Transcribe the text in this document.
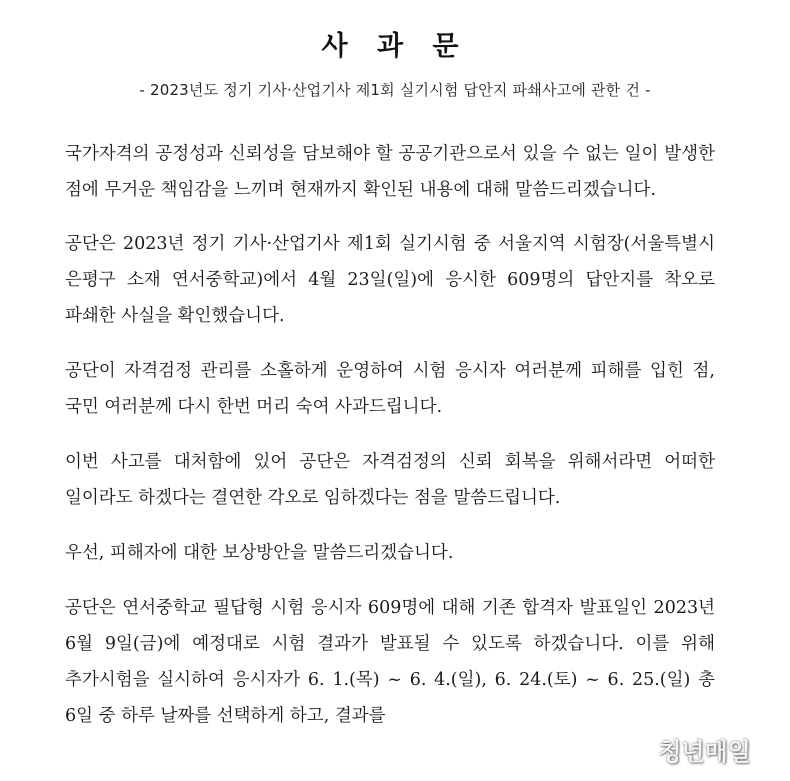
사 과 문
- 2023년도 정기 기사·산업기사 제1회 실기시험 답안지 파쇄사고에 관한 건 -

국가자격의 공정성과 신뢰성을 담보해야 할 공공기관으로서 있을 수 없는 일이 발생한 점에 무거운 책임감을 느끼며 현재까지 확인된 내용에 대해 말씀드리겠습니다.

공단은 2023년 정기 기사·산업기사 제1회 실기시험 중 서울지역 시험장(서울특별시 은평구 소재 연서중학교)에서 4월 23일(일)에 응시한 609명의 답안지를 착오로 파쇄한 사실을 확인했습니다.

공단이 자격검정 관리를 소홀하게 운영하여 시험 응시자 여러분께 피해를 입힌 점, 국민 여러분께 다시 한번 머리 숙여 사과드립니다.

이번 사고를 대처함에 있어 공단은 자격검정의 신뢰 회복을 위해서라면 어떠한 일이라도 하겠다는 결연한 각오로 임하겠다는 점을 말씀드립니다.

우선, 피해자에 대한 보상방안을 말씀드리겠습니다.

공단은 연서중학교 필답형 시험 응시자 609명에 대해 기존 합격자 발표일인 2023년 6월 9일(금)에 예정대로 시험 결과가 발표될 수 있도록 하겠습니다. 이를 위해 추가시험을 실시하여 응시자가 6. 1.(목) ~ 6. 4.(일), 6. 24.(토) ~ 6. 25.(일) 총 6일 중 하루 날짜를 선택하게 하고, 결과를

청년매일
